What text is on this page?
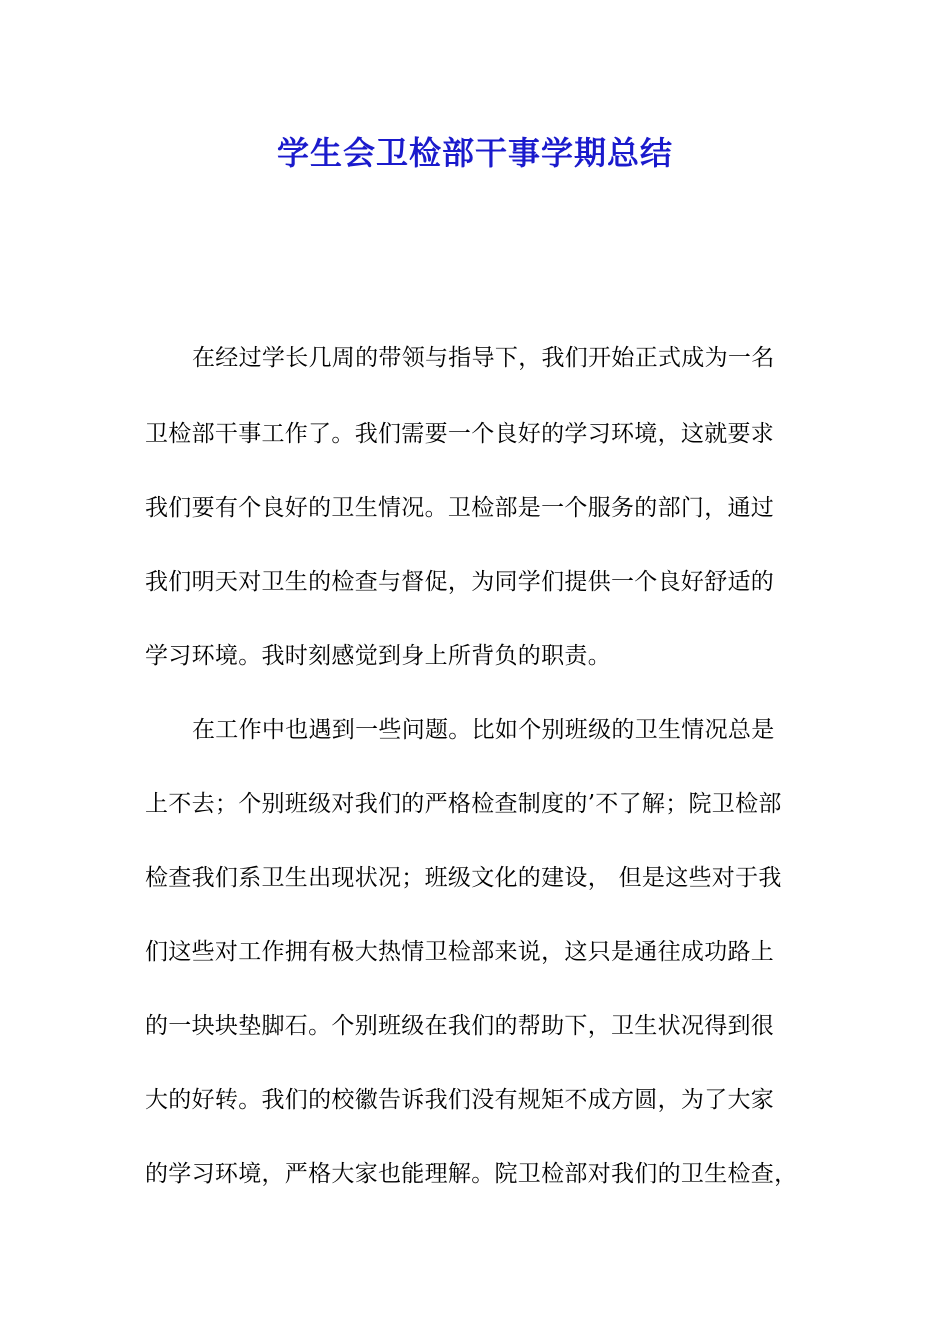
学生会卫检部干事学期总结
在经过学长几周的带领与指导下，我们开始正式成为一名
卫检部干事工作了。我们需要一个良好的学习环境，这就要求
我们要有个良好的卫生情况。卫检部是一个服务的部门，通过
我们明天对卫生的检查与督促，为同学们提供一个良好舒适的
学习环境。我时刻感觉到身上所背负的职责。
在工作中也遇到一些问题。比如个别班级的卫生情况总是
上不去；个别班级对我们的严格检查制度的’不了解；院卫检部
检查我们系卫生出现状况；班级文化的建设， 但是这些对于我
们这些对工作拥有极大热情卫检部来说，这只是通往成功路上
的一块块垫脚石。个别班级在我们的帮助下，卫生状况得到很
大的好转。我们的校徽告诉我们没有规矩不成方圆，为了大家
的学习环境，严格大家也能理解。院卫检部对我们的卫生检查，
